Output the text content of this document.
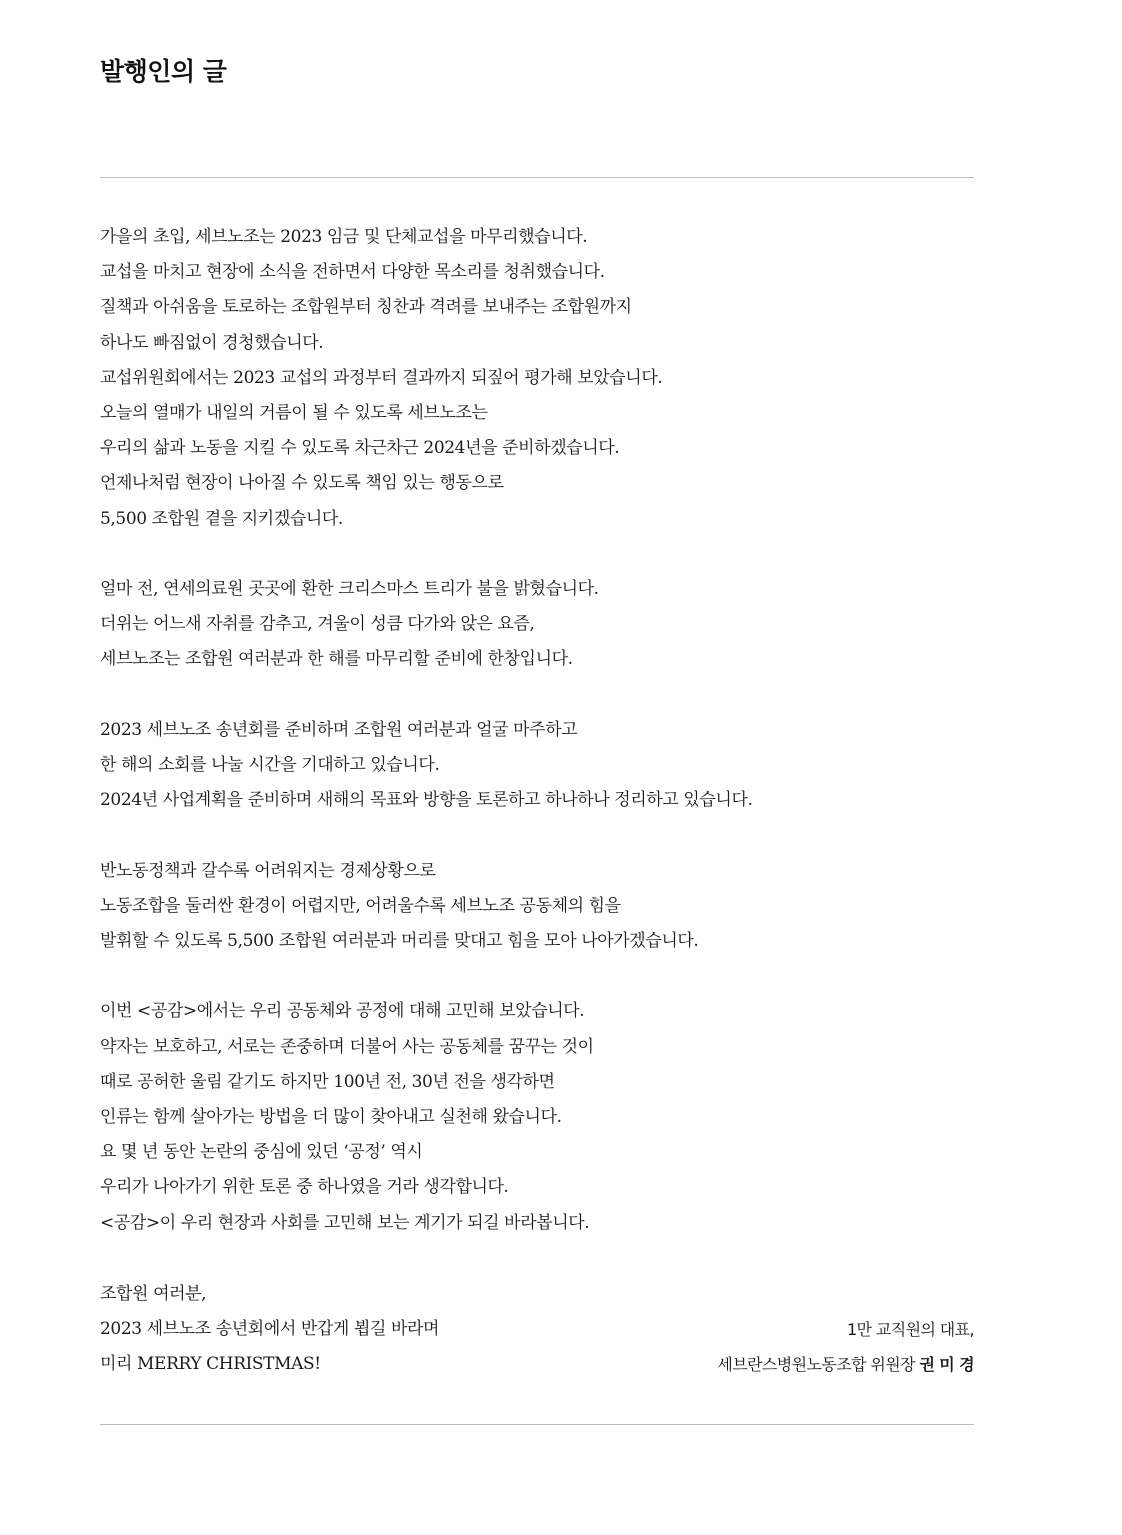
발행인의 글

가을의 초입, 세브노조는 2023 임금 및 단체교섭을 마무리했습니다.
교섭을 마치고 현장에 소식을 전하면서 다양한 목소리를 청취했습니다.
질책과 아쉬움을 토로하는 조합원부터 칭찬과 격려를 보내주는 조합원까지
하나도 빠짐없이 경청했습니다.
교섭위원회에서는 2023 교섭의 과정부터 결과까지 되짚어 평가해 보았습니다.
오늘의 열매가 내일의 거름이 될 수 있도록 세브노조는
우리의 삶과 노동을 지킬 수 있도록 차근차근 2024년을 준비하겠습니다.
언제나처럼 현장이 나아질 수 있도록 책임 있는 행동으로
5,500 조합원 곁을 지키겠습니다.

얼마 전, 연세의료원 곳곳에 환한 크리스마스 트리가 불을 밝혔습니다.
더위는 어느새 자취를 감추고, 겨울이 성큼 다가와 앉은 요즘,
세브노조는 조합원 여러분과 한 해를 마무리할 준비에 한창입니다.

2023 세브노조 송년회를 준비하며 조합원 여러분과 얼굴 마주하고
한 해의 소회를 나눌 시간을 기대하고 있습니다.
2024년 사업계획을 준비하며 새해의 목표와 방향을 토론하고 하나하나 정리하고 있습니다.

반노동정책과 갈수록 어려워지는 경제상황으로
노동조합을 둘러싼 환경이 어렵지만, 어려울수록 세브노조 공동체의 힘을
발휘할 수 있도록 5,500 조합원 여러분과 머리를 맞대고 힘을 모아 나아가겠습니다.

이번 <공감>에서는 우리 공동체와 공정에 대해 고민해 보았습니다.
약자는 보호하고, 서로는 존중하며 더불어 사는 공동체를 꿈꾸는 것이
때로 공허한 울림 같기도 하지만 100년 전, 30년 전을 생각하면
인류는 함께 살아가는 방법을 더 많이 찾아내고 실천해 왔습니다.
요 몇 년 동안 논란의 중심에 있던 ‘공정’ 역시
우리가 나아가기 위한 토론 중 하나였을 거라 생각합니다.
<공감>이 우리 현장과 사회를 고민해 보는 계기가 되길 바라봅니다.

조합원 여러분,
2023 세브노조 송년회에서 반갑게 뵙길 바라며
미리 MERRY CHRISTMAS!
1만 교직원의 대표,
세브란스병원노동조합 위원장 권 미 경
